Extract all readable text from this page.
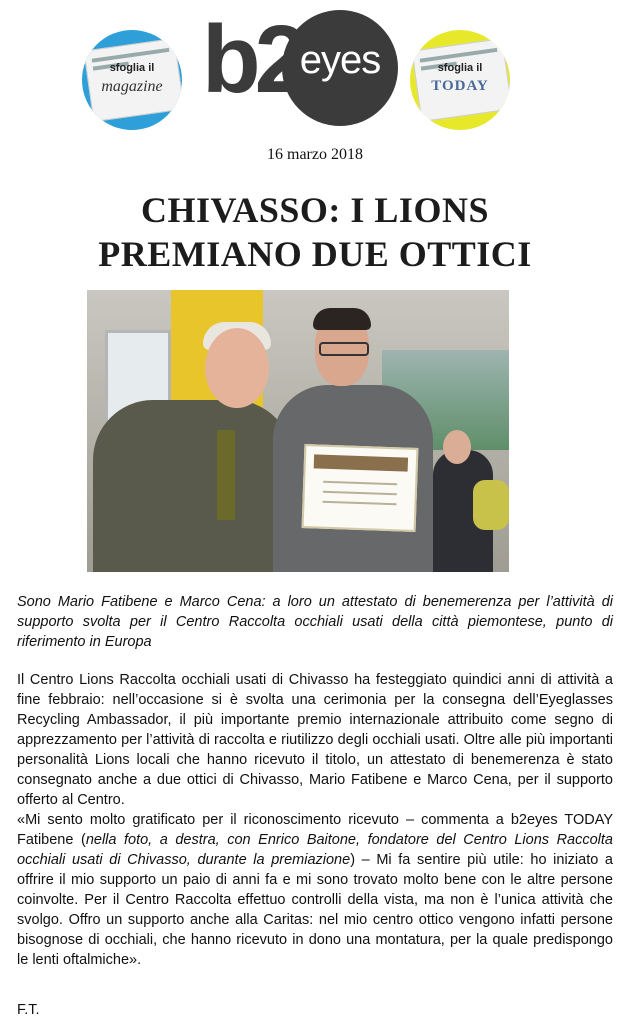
sfoglia il
magazine b2
eyes	sfoglia il
TODAY
16 marzo 2018
CHIVASSO: I LIONS
PREMIANO DUE OTTICI
Sono Mario Fatibene e Marco Cena: a loro un attestato di benemerenza per l’attività di supporto svolta per il Centro Raccolta occhiali usati della città piemontese, punto di riferimento in Europa

Il Centro Lions Raccolta occhiali usati di Chivasso ha festeggiato quindici anni di attività a fine febbraio: nell’occasione si è svolta una cerimonia per la consegna dell’Eyeglasses Recycling Ambassador, il più importante premio internazionale attribuito come segno di apprezzamento per l’attività di raccolta e riutilizzo degli occhiali usati. Oltre alle più importanti personalità Lions locali che hanno ricevuto il titolo, un attestato di benemerenza è stato consegnato anche a due ottici di Chivasso, Mario Fatibene e Marco Cena, per il supporto offerto al Centro.

«Mi sento molto gratificato per il riconoscimento ricevuto – commenta a b2eyes TODAY Fatibene (nella foto, a destra, con Enrico Baitone, fondatore del Centro Lions Raccolta occhiali usati di Chivasso, durante la premiazione) – Mi fa sentire più utile: ho iniziato a offrire il mio supporto un paio di anni fa e mi sono trovato molto bene con le altre persone coinvolte. Per il Centro Raccolta effettuo controlli della vista, ma non è l’unica attività che svolgo. Offro un supporto anche alla Caritas: nel mio centro ottico vengono infatti persone bisognose di occhiali, che hanno ricevuto in dono una montatura, per la quale predispongo le lenti oftalmiche».

F.T.
